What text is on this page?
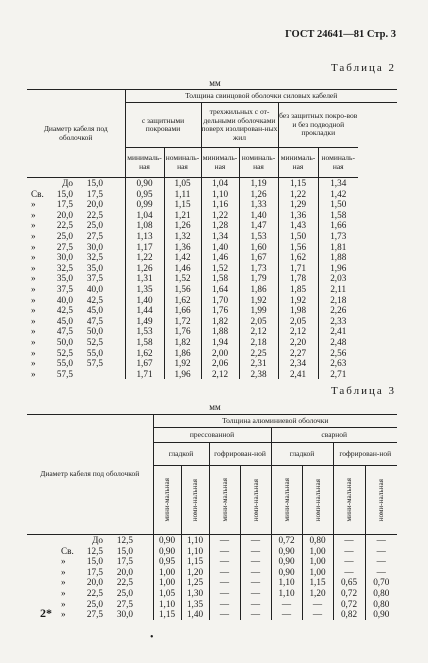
ГОСТ 24641—81 Стр. 3
Таблица 2
мм
Диаметр кабеля под оболочкой	Толщина свинцовой оболочки силовых кабелей					
	с защитными покровами		трехжильных с от-дельными оболочками поверх изолирован-ных жил		без защитных покро-вов и без подводной прокладки	
	минималь-ная	номиналь-ная	минималь-ная	номиналь-ная	минималь-ная	номиналь-ная
До 15,0	0,90	1,05	1,04	1,19	1,15	1,34
Св. 15,0 17,5	0,95	1,11	1,10	1,26	1,22	1,42
» 17,5 20,0	0,99	1,15	1,16	1,33	1,29	1,50
» 20,0 22,5	1,04	1,21	1,22	1,40	1,36	1,58
» 22,5 25,0	1,08	1,26	1,28	1,47	1,43	1,66
» 25,0 27,5	1,13	1,32	1,34	1,53	1,50	1,73
» 27,5 30,0	1,17	1,36	1,40	1,60	1,56	1,81
» 30,0 32,5	1,22	1,42	1,46	1,67	1,62	1,88
» 32,5 35,0	1,26	1,46	1,52	1,73	1,71	1,96
» 35,0 37,5	1,31	1,52	1,58	1,79	1,78	2,03
» 37,5 40,0	1,35	1,56	1,64	1,86	1,85	2,11
» 40,0 42,5	1,40	1,62	1,70	1,92	1,92	2,18
» 42,5 45,0	1,44	1,66	1,76	1,99	1,98	2,26
» 45,0 47,5	1,49	1,72	1,82	2,05	2,05	2,33
» 47,5 50,0	1,53	1,76	1,88	2,12	2,12	2,41
» 50,0 52,5	1,58	1,82	1,94	2,18	2,20	2,48
» 52,5 55,0	1,62	1,86	2,00	2,25	2,27	2,56
» 55,0 57,5	1,67	1,92	2,06	2,31	2,34	2,63
» 57,5	1,71	1,96	2,12	2,38	2,41	2,71
Таблица 3
мм
Диаметр кабеля под оболочкой	Толщина алюминиевой оболочки							
	прессованной				сварной			
	гладкой		гофрирован-ной		гладкой		гофрирован-ной	

	мини-мальная	номи-нальная	мини-мальная	номи-нальная	мини-мальная	номи-нальная	мини-мальная	номи-нальная

До 12,5	0,90	1,10	—	—	0,72	0,80	—	—
Св. 12,5 15,0	0,90	1,10	—	—	0,90	1,00	—	—
» 15,0 17,5	0,95	1,15	—	—	0,90	1,00	—	—
» 17,5 20,0	1,00	1,20	—	—	0,90	1,00	—	—
» 20,0 22,5	1,00	1,25	—	—	1,10	1,15	0,65	0,70
» 22,5 25,0	1,05	1,30	—	—	1,10	1,20	0,72	0,80
» 25,0 27,5	1,10	1,35	—	—	—	—	0,72	0,80
» 27,5 30,0	1,15	1,40	—	—	—	—	0,82	0,90
2*
•
